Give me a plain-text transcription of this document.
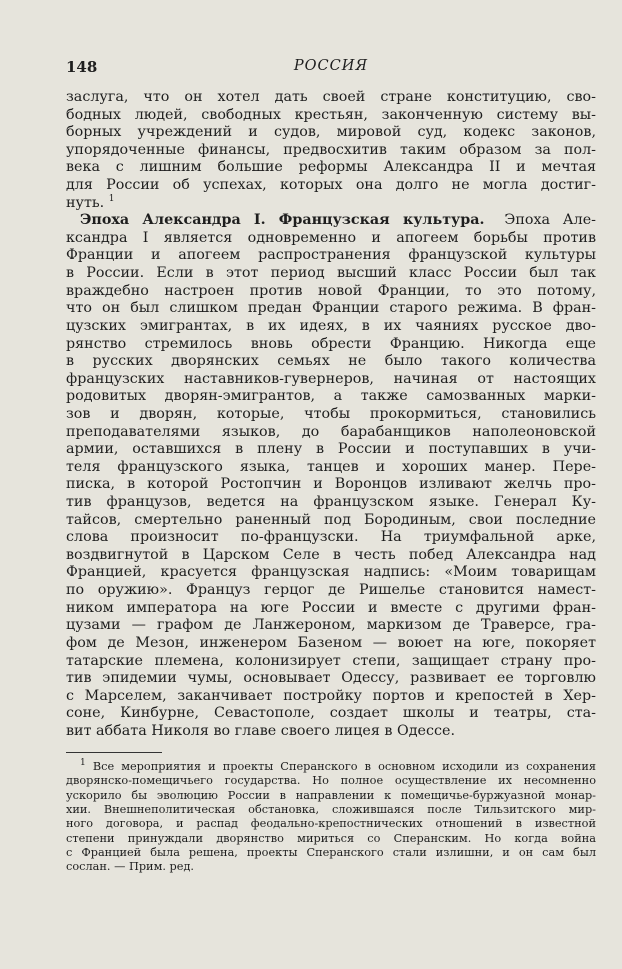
148	РОССИЯ
заслуга, что он хотел дать своей стране конституцию, сво-
бодных людей, свободных крестьян, законченную систему вы-
борных учреждений и судов, мировой суд, кодекс законов,
упорядоченные финансы, предвосхитив таким образом за пол-
века с лишним большие реформы Александра II и мечтая
для России об успехах, которых она долго не могла достиг-
нуть. $^1$
Эпоха Александра I. Французская культура.  Эпоха Але-
ксандра I является одновременно и апогеем борьбы против
Франции и апогеем распространения французской культуры
в России. Если в этот период высший класс России был так
враждебно настроен против новой Франции, то это потому,
что он был слишком предан Франции старого режима. В фран-
цузских эмигрантах, в их идеях, в их чаяниях русское дво-
рянство стремилось вновь обрести Францию. Никогда еще
в русских дворянских семьях не было такого количества
французских наставников-гувернеров, начиная от настоящих
родовитых дворян-эмигрантов, а также самозванных марки-
зов и дворян, которые, чтобы прокормиться, становились
преподавателями языков, до барабанщиков наполеоновской
армии, оставшихся в плену в России и поступавших в учи-
теля французского языка, танцев и хороших манер. Пере-
писка, в которой Ростопчин и Воронцов изливают желчь про-
тив французов, ведется на французском языке. Генерал Ку-
тайсов, смертельно раненный под Бородиным, свои последние
слова произносит по-французски. На триумфальной арке,
воздвигнутой в Царском Селе в честь побед Александра над
Францией, красуется французская надпись: «Моим товарищам
по оружию». Француз герцог де Ришелье становится намест-
ником императора на юге России и вместе с другими фран-
цузами — графом де Ланжероном, маркизом де Траверсе, гра-
фом де Мезон, инженером Базеном — воюет на юге, покоряет
татарские племена, колонизирует степи, защищает страну про-
тив эпидемии чумы, основывает Одессу, развивает ее торговлю
с Марселем, заканчивает постройку портов и крепостей в Хер-
соне, Кинбурне, Севастополе, создает школы и театры, ста-
вит аббата Николя во главе своего лицея в Одессе.
$^1$ Все мероприятия и проекты Сперанского в основном исходили из сохранения
дворянско-помещичьего государства. Но полное осуществление их несомненно
ускорило бы эволюцию России в направлении к помещичье-буржуазной монар-
хии. Внешнеполитическая обстановка, сложившаяся после Тильзитского мир-
ного договора, и распад феодально-крепостнических отношений в известной
степени принуждали дворянство мириться со Сперанским. Но когда война
с Францией была решена, проекты Сперанского стали излишни, и он сам был
сослан. — Прим. ред.
